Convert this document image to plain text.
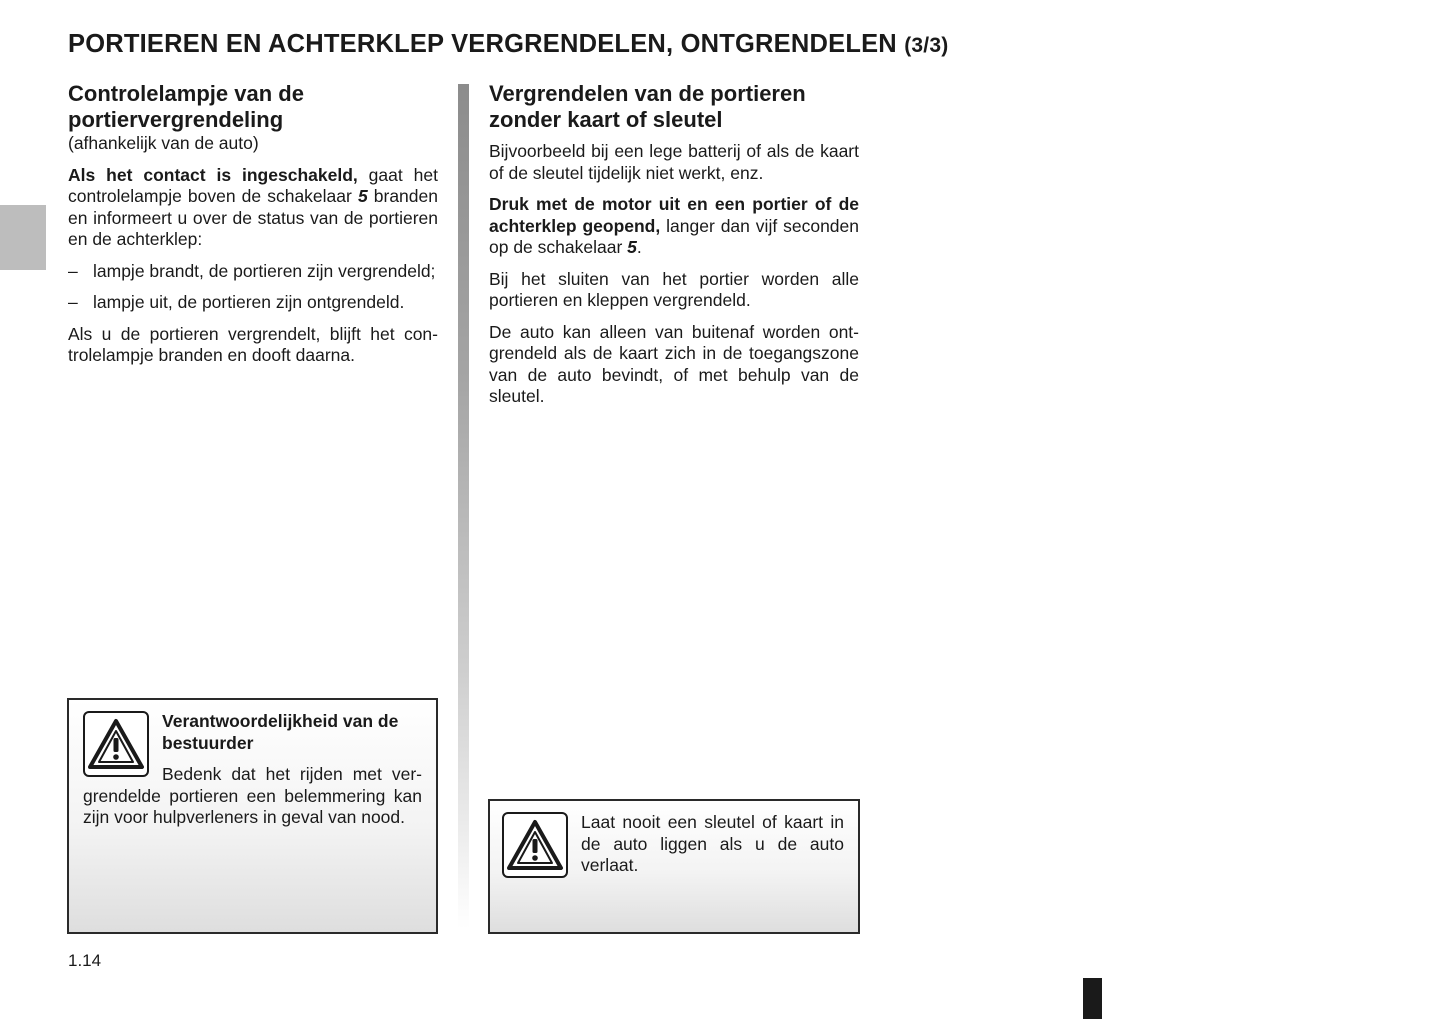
PORTIEREN EN ACHTERKLEP VERGRENDELEN, ONTGRENDELEN (3/3)
Controlelampje van de
portiervergrendeling
(afhankelijk van de auto)

Als het contact is ingeschakeld, gaat het controlelampje boven de schakelaar 5 branden en informeert u over de status van de portieren en de achterklep:

– lampje brandt, de portieren zijn vergrendeld;
– lampje uit, de portieren zijn ontgrendeld.

Als u de portieren vergrendelt, blijft het controlelampje branden en dooft daarna.

Vergrendelen van de portieren
zonder kaart of sleutel

Bijvoorbeeld bij een lege batterij of als de kaart of de sleutel tijdelijk niet werkt, enz.

Druk met de motor uit en een portier of de achterklep geopend, langer dan vijf seconden op de schakelaar 5.

Bij het sluiten van het portier worden alle portieren en kleppen vergrendeld.

De auto kan alleen van buitenaf worden ontgrendeld als de kaart zich in de toegangszone van de auto bevindt, of met behulp van de sleutel.

Verantwoordelijkheid van de bestuurder

Bedenk dat het rijden met vergrendelde portieren een belemmering kan zijn voor hulpverleners in geval van nood.	Laat nooit een sleutel of kaart in de auto liggen als u de auto verlaat.

1.14
